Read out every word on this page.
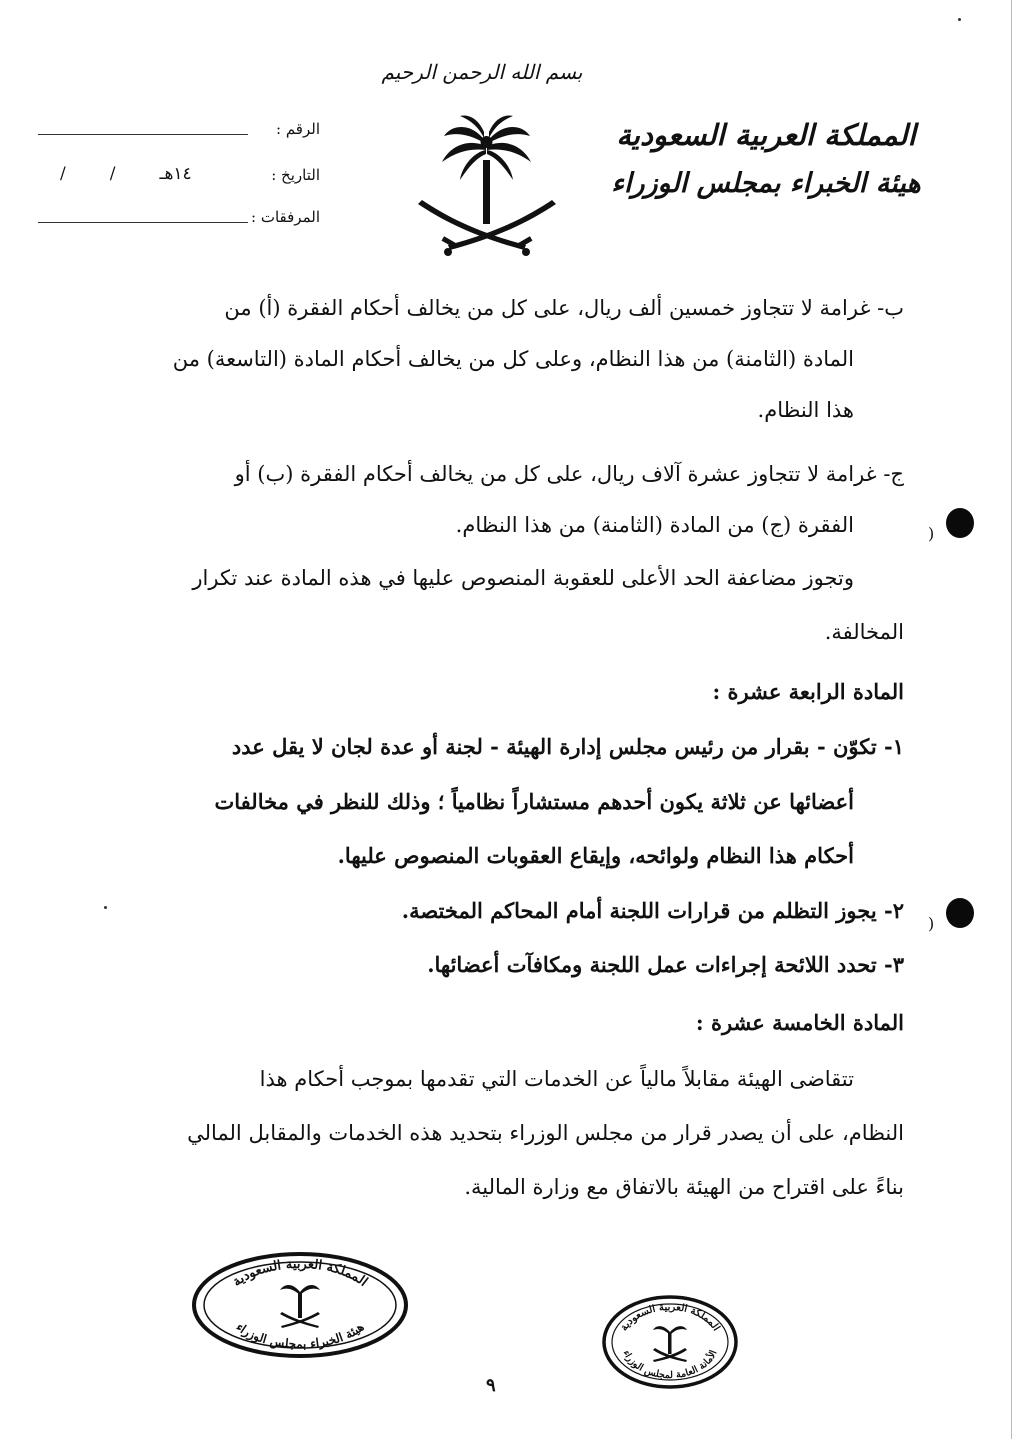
بسم الله الرحمن الرحيم
المملكة العربية السعودية
هيئة الخبراء بمجلس الوزراء
الرقم :
التاريخ :
١٤هـ//
المرفقات :
ب- غرامة لا تتجاوز خمسين ألف ريال، على كل من يخالف أحكام الفقرة (أ) من
المادة (الثامنة) من هذا النظام، وعلى كل من يخالف أحكام المادة (التاسعة) من
هذا النظام.
ج- غرامة لا تتجاوز عشرة آلاف ريال، على كل من يخالف أحكام الفقرة (ب) أو
الفقرة (ج) من المادة (الثامنة) من هذا النظام.
وتجوز مضاعفة الحد الأعلى للعقوبة المنصوص عليها في هذه المادة عند تكرار
المخالفة.
المادة الرابعة عشرة :
١- تكوّن - بقرار من رئيس مجلس إدارة الهيئة - لجنة أو عدة لجان لا يقل عدد
أعضائها عن ثلاثة يكون أحدهم مستشاراً نظامياً ؛ وذلك للنظر في مخالفات
أحكام هذا النظام ولوائحه، وإيقاع العقوبات المنصوص عليها.
٢- يجوز التظلم من قرارات اللجنة أمام المحاكم المختصة.
٣- تحدد اللائحة إجراءات عمل اللجنة ومكافآت أعضائها.
المادة الخامسة عشرة :
تتقاضى الهيئة مقابلاً مالياً عن الخدمات التي تقدمها بموجب أحكام هذا
النظام، على أن يصدر قرار من مجلس الوزراء بتحديد هذه الخدمات والمقابل المالي
بناءً على اقتراح من الهيئة بالاتفاق مع وزارة المالية.
(
(
المملكة العربية السعودية
هيئة الخبراء بمجلس الوزراء	المملكة العربية السعودية
الأمانة العامة لمجلس الوزراء
٩
